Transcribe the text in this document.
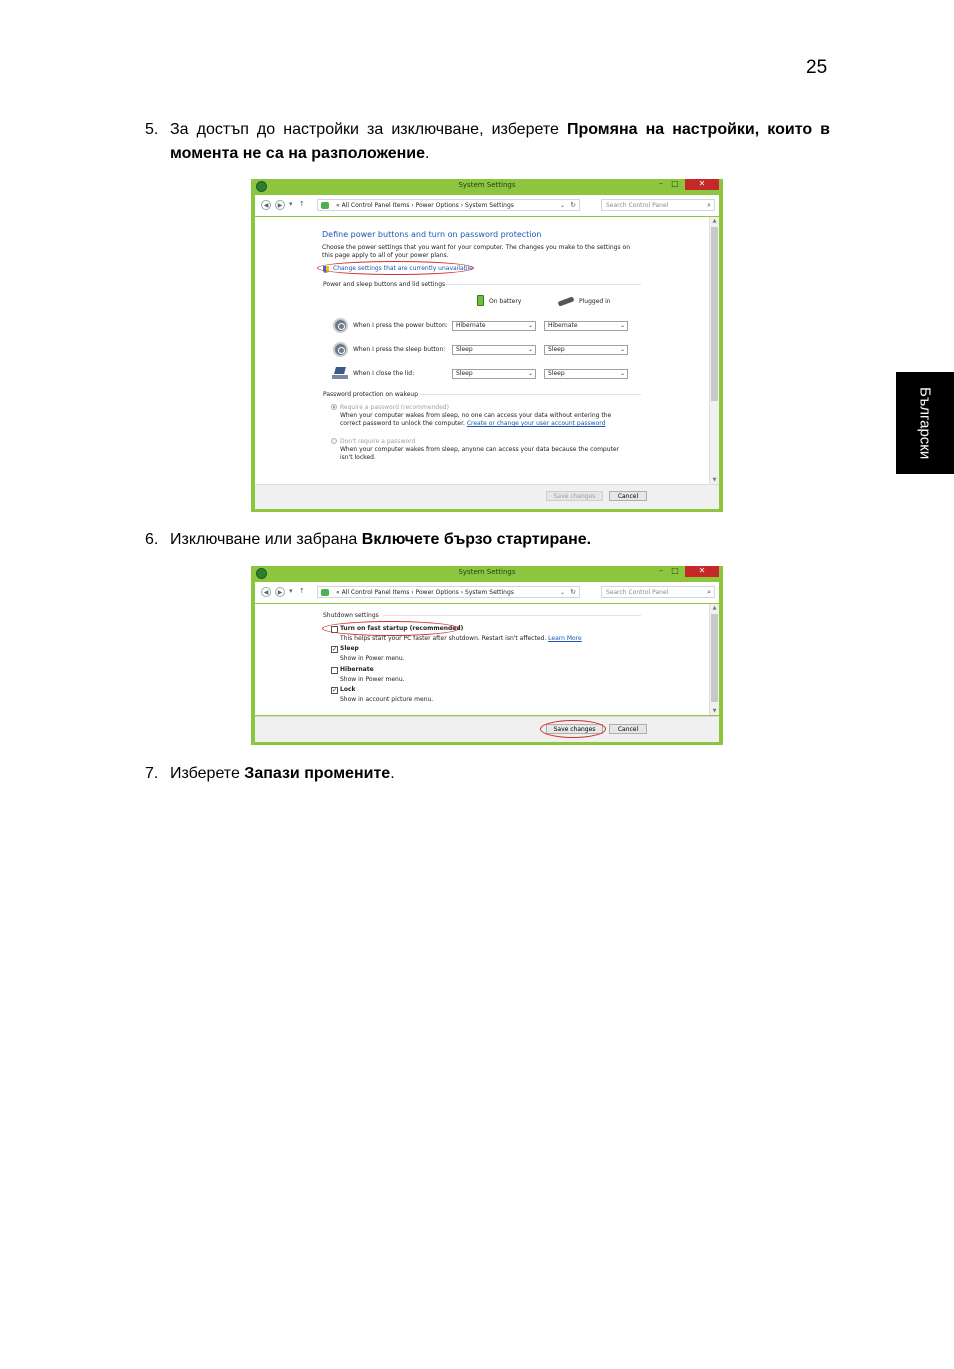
25
Български
5. За достъп до настройки за изключване, изберете Промяна на настройки, които в момента не са на разположение.
System Settings	–	□	✕
◀	▶ ▾ ↑	« All Control Panel Items › Power Options › System Settings	⌄ ↻	Search Control Panel	⌕
Define power buttons and turn on password protection
Choose the power settings that you want for your computer. The changes you make to the settings on this page apply to all of your power plans.
Change settings that are currently unavailable
Power and sleep buttons and lid settings
On battery	Plugged in
When I press the power button:	Hibernate	⌄	Hibernate	⌄
When I press the sleep button:	Sleep	⌄	Sleep	⌄
When I close the lid:	Sleep	⌄	Sleep	⌄
Password protection on wakeup
Require a password (recommended)
When your computer wakes from sleep, no one can access your data without entering the correct password to unlock the computer. Create or change your user account password
Don't require a password
When your computer wakes from sleep, anyone can access your data because the computer isn't locked.
▲
▼
Save changes	Cancel
6. Изключване или забрана Включете бързо стартиране.
System Settings	–	□	✕
◀	▶ ▾ ↑	« All Control Panel Items › Power Options › System Settings	⌄ ↻	Search Control Panel	⌕
Shutdown settings
Turn on fast startup (recommended)
This helps start your PC faster after shutdown. Restart isn't affected. Learn More
✓ Sleep
Show in Power menu.
Hibernate
Show in Power menu.
✓ Lock
Show in account picture menu.
▲
▼
Save changes	Cancel
7. Изберете Запази промените.
